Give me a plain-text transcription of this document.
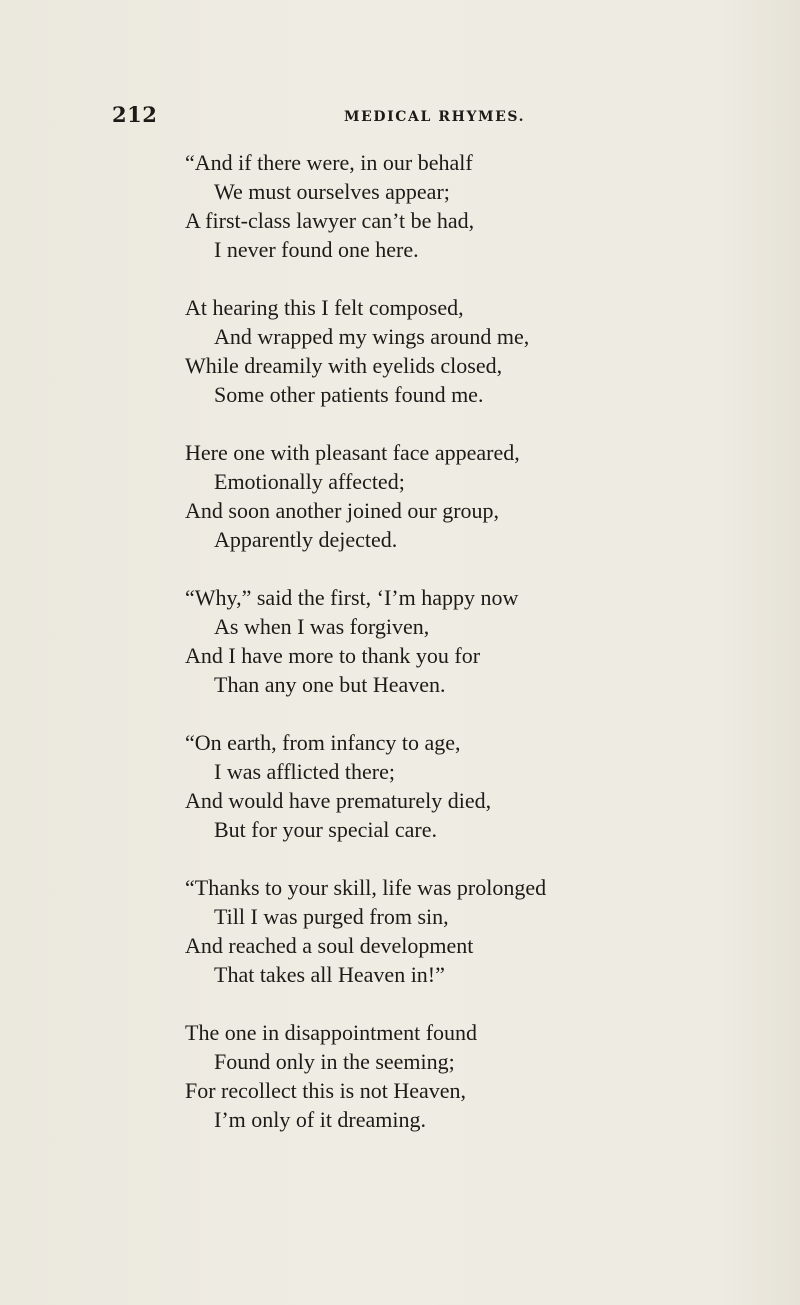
212	MEDICAL RHYMES.
“And if there were, in our behalf
We must ourselves appear;
A first-class lawyer can’t be had,
I never found one here.
At hearing this I felt composed,
And wrapped my wings around me,
While dreamily with eyelids closed,
Some other patients found me.
Here one with pleasant face appeared,
Emotionally affected;
And soon another joined our group,
Apparently dejected.
“Why,” said the first, ‘I’m happy now
As when I was forgiven,
And I have more to thank you for
Than any one but Heaven.
“On earth, from infancy to age,
I was afflicted there;
And would have prematurely died,
But for your special care.
“Thanks to your skill, life was prolonged
Till I was purged from sin,
And reached a soul development
That takes all Heaven in!”
The one in disappointment found
Found only in the seeming;
For recollect this is not Heaven,
I’m only of it dreaming.
